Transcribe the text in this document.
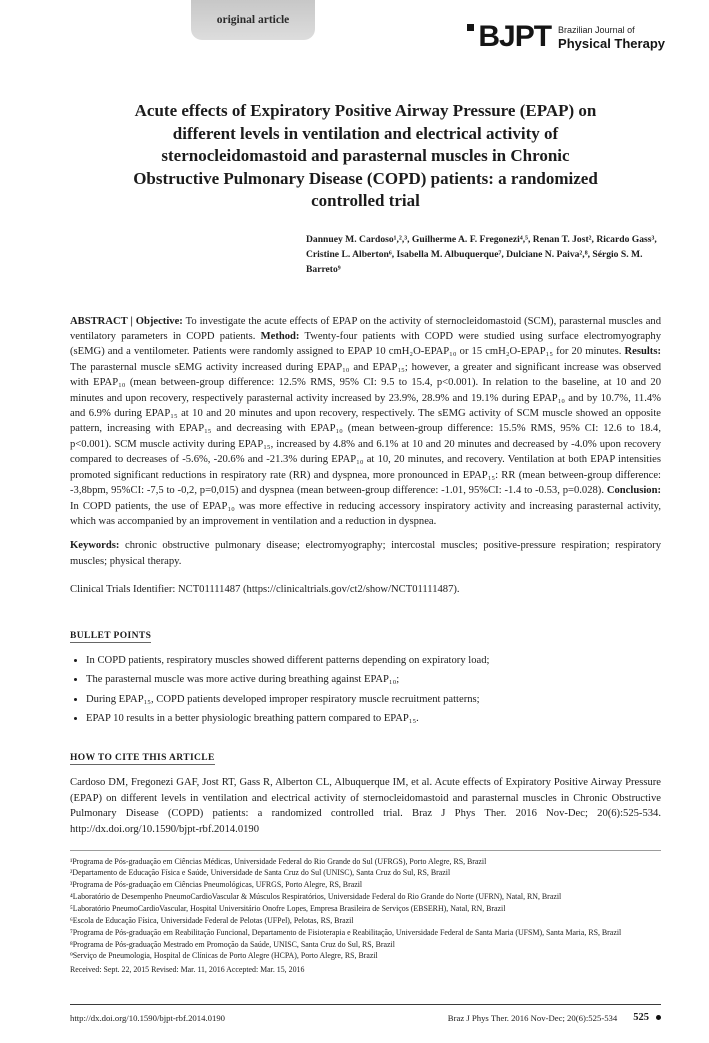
original article	BJPT Brazilian Journal of
Physical Therapy
Acute effects of Expiratory Positive Airway Pressure (EPAP) on different levels in ventilation and electrical activity of sternocleidomastoid and parasternal muscles in Chronic Obstructive Pulmonary Disease (COPD) patients: a randomized controlled trial
Dannuey M. Cardoso¹,²,³, Guilherme A. F. Fregonezi⁴,⁵, Renan T. Jost², Ricardo Gass³, Cristine L. Alberton⁶, Isabella M. Albuquerque⁷, Dulciane N. Paiva²,⁸, Sérgio S. M. Barreto⁹

ABSTRACT | Objective: To investigate the acute effects of EPAP on the activity of sternocleidomastoid (SCM), parasternal muscles and ventilatory parameters in COPD patients. Method: Twenty-four patients with COPD were studied using surface electromyography (sEMG) and a ventilometer. Patients were randomly assigned to EPAP 10 cmH₂O-EPAP₁₀ or 15 cmH₂O-EPAP₁₅ for 20 minutes. Results: The parasternal muscle sEMG activity increased during EPAP₁₀ and EPAP₁₅; however, a greater and significant increase was observed with EPAP₁₀ (mean between-group difference: 12.5% RMS, 95% CI: 9.5 to 15.4, p<0.001). In relation to the baseline, at 10 and 20 minutes and upon recovery, respectively parasternal activity increased by 23.9%, 28.9% and 19.1% during EPAP₁₀ and by 10.7%, 11.4% and 6.9% during EPAP₁₅ at 10 and 20 minutes and upon recovery, respectively. The sEMG activity of SCM muscle showed an opposite pattern, increasing with EPAP₁₅ and decreasing with EPAP₁₀ (mean between-group difference: 15.5% RMS, 95% CI: 12.6 to 18.4, p<0.001). SCM muscle activity during EPAP₁₅, increased by 4.8% and 6.1% at 10 and 20 minutes and decreased by -4.0% upon recovery compared to decreases of -5.6%, -20.6% and -21.3% during EPAP₁₀ at 10, 20 minutes, and recovery. Ventilation at both EPAP intensities promoted significant reductions in respiratory rate (RR) and dyspnea, more pronounced in EPAP₁₅: RR (mean between-group difference: -3,8bpm, 95%CI: -7,5 to -0,2, p=0,015) and dyspnea (mean between-group difference: -1.01, 95%CI: -1.4 to -0.53, p=0.028). Conclusion: In COPD patients, the use of EPAP₁₀ was more effective in reducing accessory inspiratory activity and increasing parasternal activity, which was accompanied by an improvement in ventilation and a reduction in dyspnea.

Keywords: chronic obstructive pulmonary disease; electromyography; intercostal muscles; positive-pressure respiration; respiratory muscles; physical therapy.

Clinical Trials Identifier: NCT01111487 (https://clinicaltrials.gov/ct2/show/NCT01111487).

BULLET POINTS
• In COPD patients, respiratory muscles showed different patterns depending on expiratory load;
• The parasternal muscle was more active during breathing against EPAP₁₀;
• During EPAP₁₅, COPD patients developed improper respiratory muscle recruitment patterns;
• EPAP 10 results in a better physiologic breathing pattern compared to EPAP₁₅.
HOW TO CITE THIS ARTICLE

Cardoso DM, Fregonezi GAF, Jost RT, Gass R, Alberton CL, Albuquerque IM, et al. Acute effects of Expiratory Positive Airway Pressure (EPAP) on different levels in ventilation and electrical activity of sternocleidomastoid and parasternal muscles in Chronic Obstructive Pulmonary Disease (COPD) patients: a randomized controlled trial. Braz J Phys Ther. 2016 Nov-Dec; 20(6):525-534. http://dx.doi.org/10.1590/bjpt-rbf.2014.0190

¹Programa de Pós-graduação em Ciências Médicas, Universidade Federal do Rio Grande do Sul (UFRGS), Porto Alegre, RS, Brazil
²Departamento de Educação Física e Saúde, Universidade de Santa Cruz do Sul (UNISC), Santa Cruz do Sul, RS, Brazil
³Programa de Pós-graduação em Ciências Pneumológicas, UFRGS, Porto Alegre, RS, Brazil
⁴Laboratório de Desempenho PneumoCardioVascular & Músculos Respiratórios, Universidade Federal do Rio Grande do Norte (UFRN), Natal, RN, Brazil
⁵Laboratório PneumoCardioVascular, Hospital Universitário Onofre Lopes, Empresa Brasileira de Serviços (EBSERH), Natal, RN, Brazil
⁶Escola de Educação Física, Universidade Federal de Pelotas (UFPel), Pelotas, RS, Brazil
⁷Programa de Pós-graduação em Reabilitação Funcional, Departamento de Fisioterapia e Reabilitação, Universidade Federal de Santa Maria (UFSM), Santa Maria, RS, Brazil
⁸Programa de Pós-graduação Mestrado em Promoção da Saúde, UNISC, Santa Cruz do Sul, RS, Brazil
⁹Serviço de Pneumologia, Hospital de Clínicas de Porto Alegre (HCPA), Porto Alegre, RS, Brazil
Received: Sept. 22, 2015 Revised: Mar. 11, 2016 Accepted: Mar. 15, 2016
http://dx.doi.org/10.1590/bjpt-rbf.2014.0190	Braz J Phys Ther. 2016 Nov-Dec; 20(6):525-534 525
